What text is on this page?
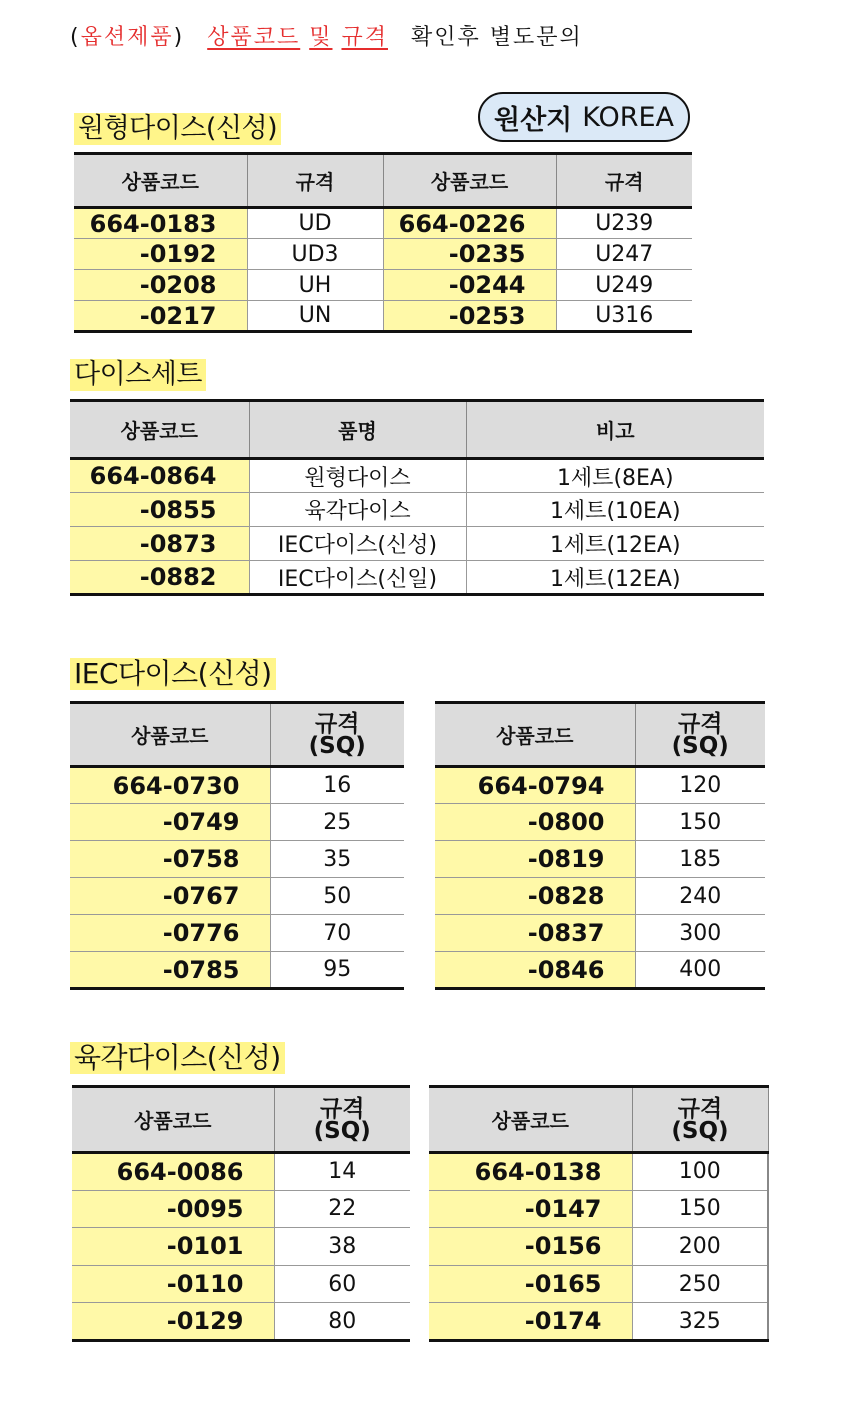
(옵션제품) 상품코드 및 규격 확인후 별도문의
원형다이스(신성)	원산지 KOREA
상품코드	규격	상품코드	규격
664-0183	UD	664-0226	U239
-0192	UD3	-0235	U247
-0208	UH	-0244	U249
-0217	UN	-0253	U316
다이스세트
상품코드	품명	비고
664-0864	원형다이스	1세트(8EA)
-0855	육각다이스	1세트(10EA)
-0873	IEC다이스(신성)	1세트(12EA)
-0882	IEC다이스(신일)	1세트(12EA)
IEC다이스(신성)
상품코드	규격
(SQ)

664-0730	16
-0749	25
-0758	35
-0767	50
-0776	70
-0785	95
상품코드	규격
(SQ)

664-0794	120
-0800	150
-0819	185
-0828	240
-0837	300
-0846	400
육각다이스(신성)
상품코드	규격
(SQ)

664-0086	14
-0095	22
-0101	38
-0110	60
-0129	80
상품코드	규격
(SQ)	

664-0138	100	
-0147	150	
-0156	200	
-0165	250	
-0174	325	
